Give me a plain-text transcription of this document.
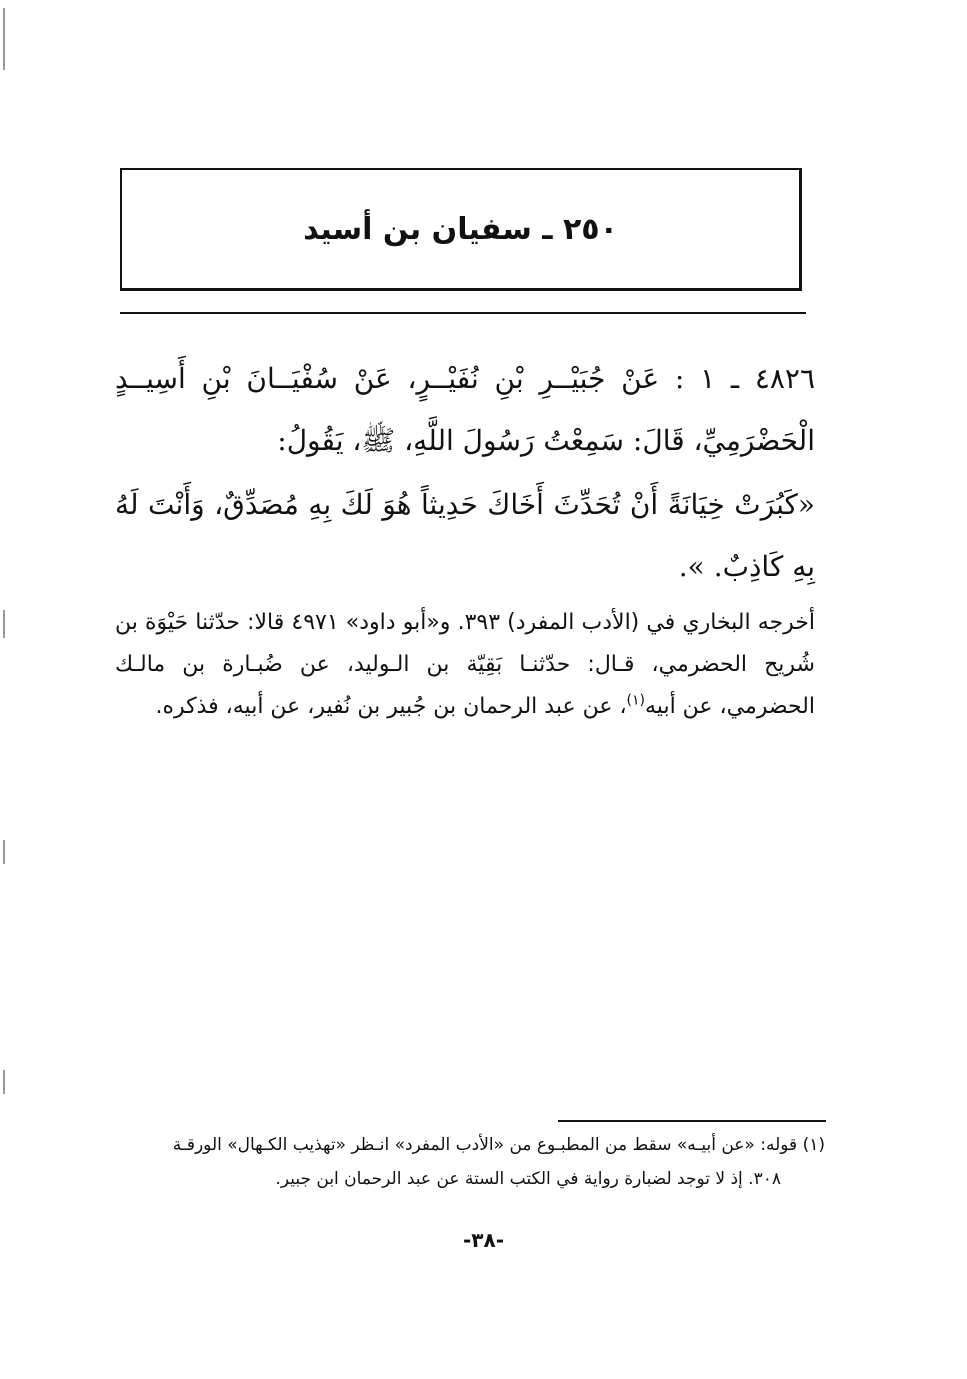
٢٥٠ ـ سفيان بن أسيد
٤٨٢٦ ـ ١ : عَنْ جُبَيْــرِ بْنِ نُفَيْــرٍ، عَنْ سُفْيَــانَ بْنِ أَسِيــدٍ الْحَضْرَمِيِّ، قَالَ: سَمِعْتُ رَسُولَ اللَّهِ، ﷺ، يَقُولُ:
«كَبُرَتْ خِيَانَةً أَنْ تُحَدِّثَ أَخَاكَ حَدِيثاً هُوَ لَكَ بِهِ مُصَدِّقٌ، وَأَنْتَ لَهُ بِهِ كَاذِبٌ. ».
أخرجه البخاري في (الأدب المفرد) ٣٩٣. و«أبو داود» ٤٩٧١ قالا: حدّثنا حَيْوَة بن شُريح الحضرمي، قـال: حدّثنـا بَقِيّة بن الـوليد، عن ضُبـارة بن مالـك الحضرمي، عن أبيه$^{(١)}$، عن عبد الرحمان بن جُبير بن نُفير، عن أبيه، فذكره.
(١) قوله: «عن أبيـه» سقط من المطبـوع من «الأدب المفرد» انـظر «تهذيب الكـهال» الورقـة
٣٠٨. إذ لا توجد لضبارة رواية في الكتب الستة عن عبد الرحمان ابن جبير.
-٣٨-
